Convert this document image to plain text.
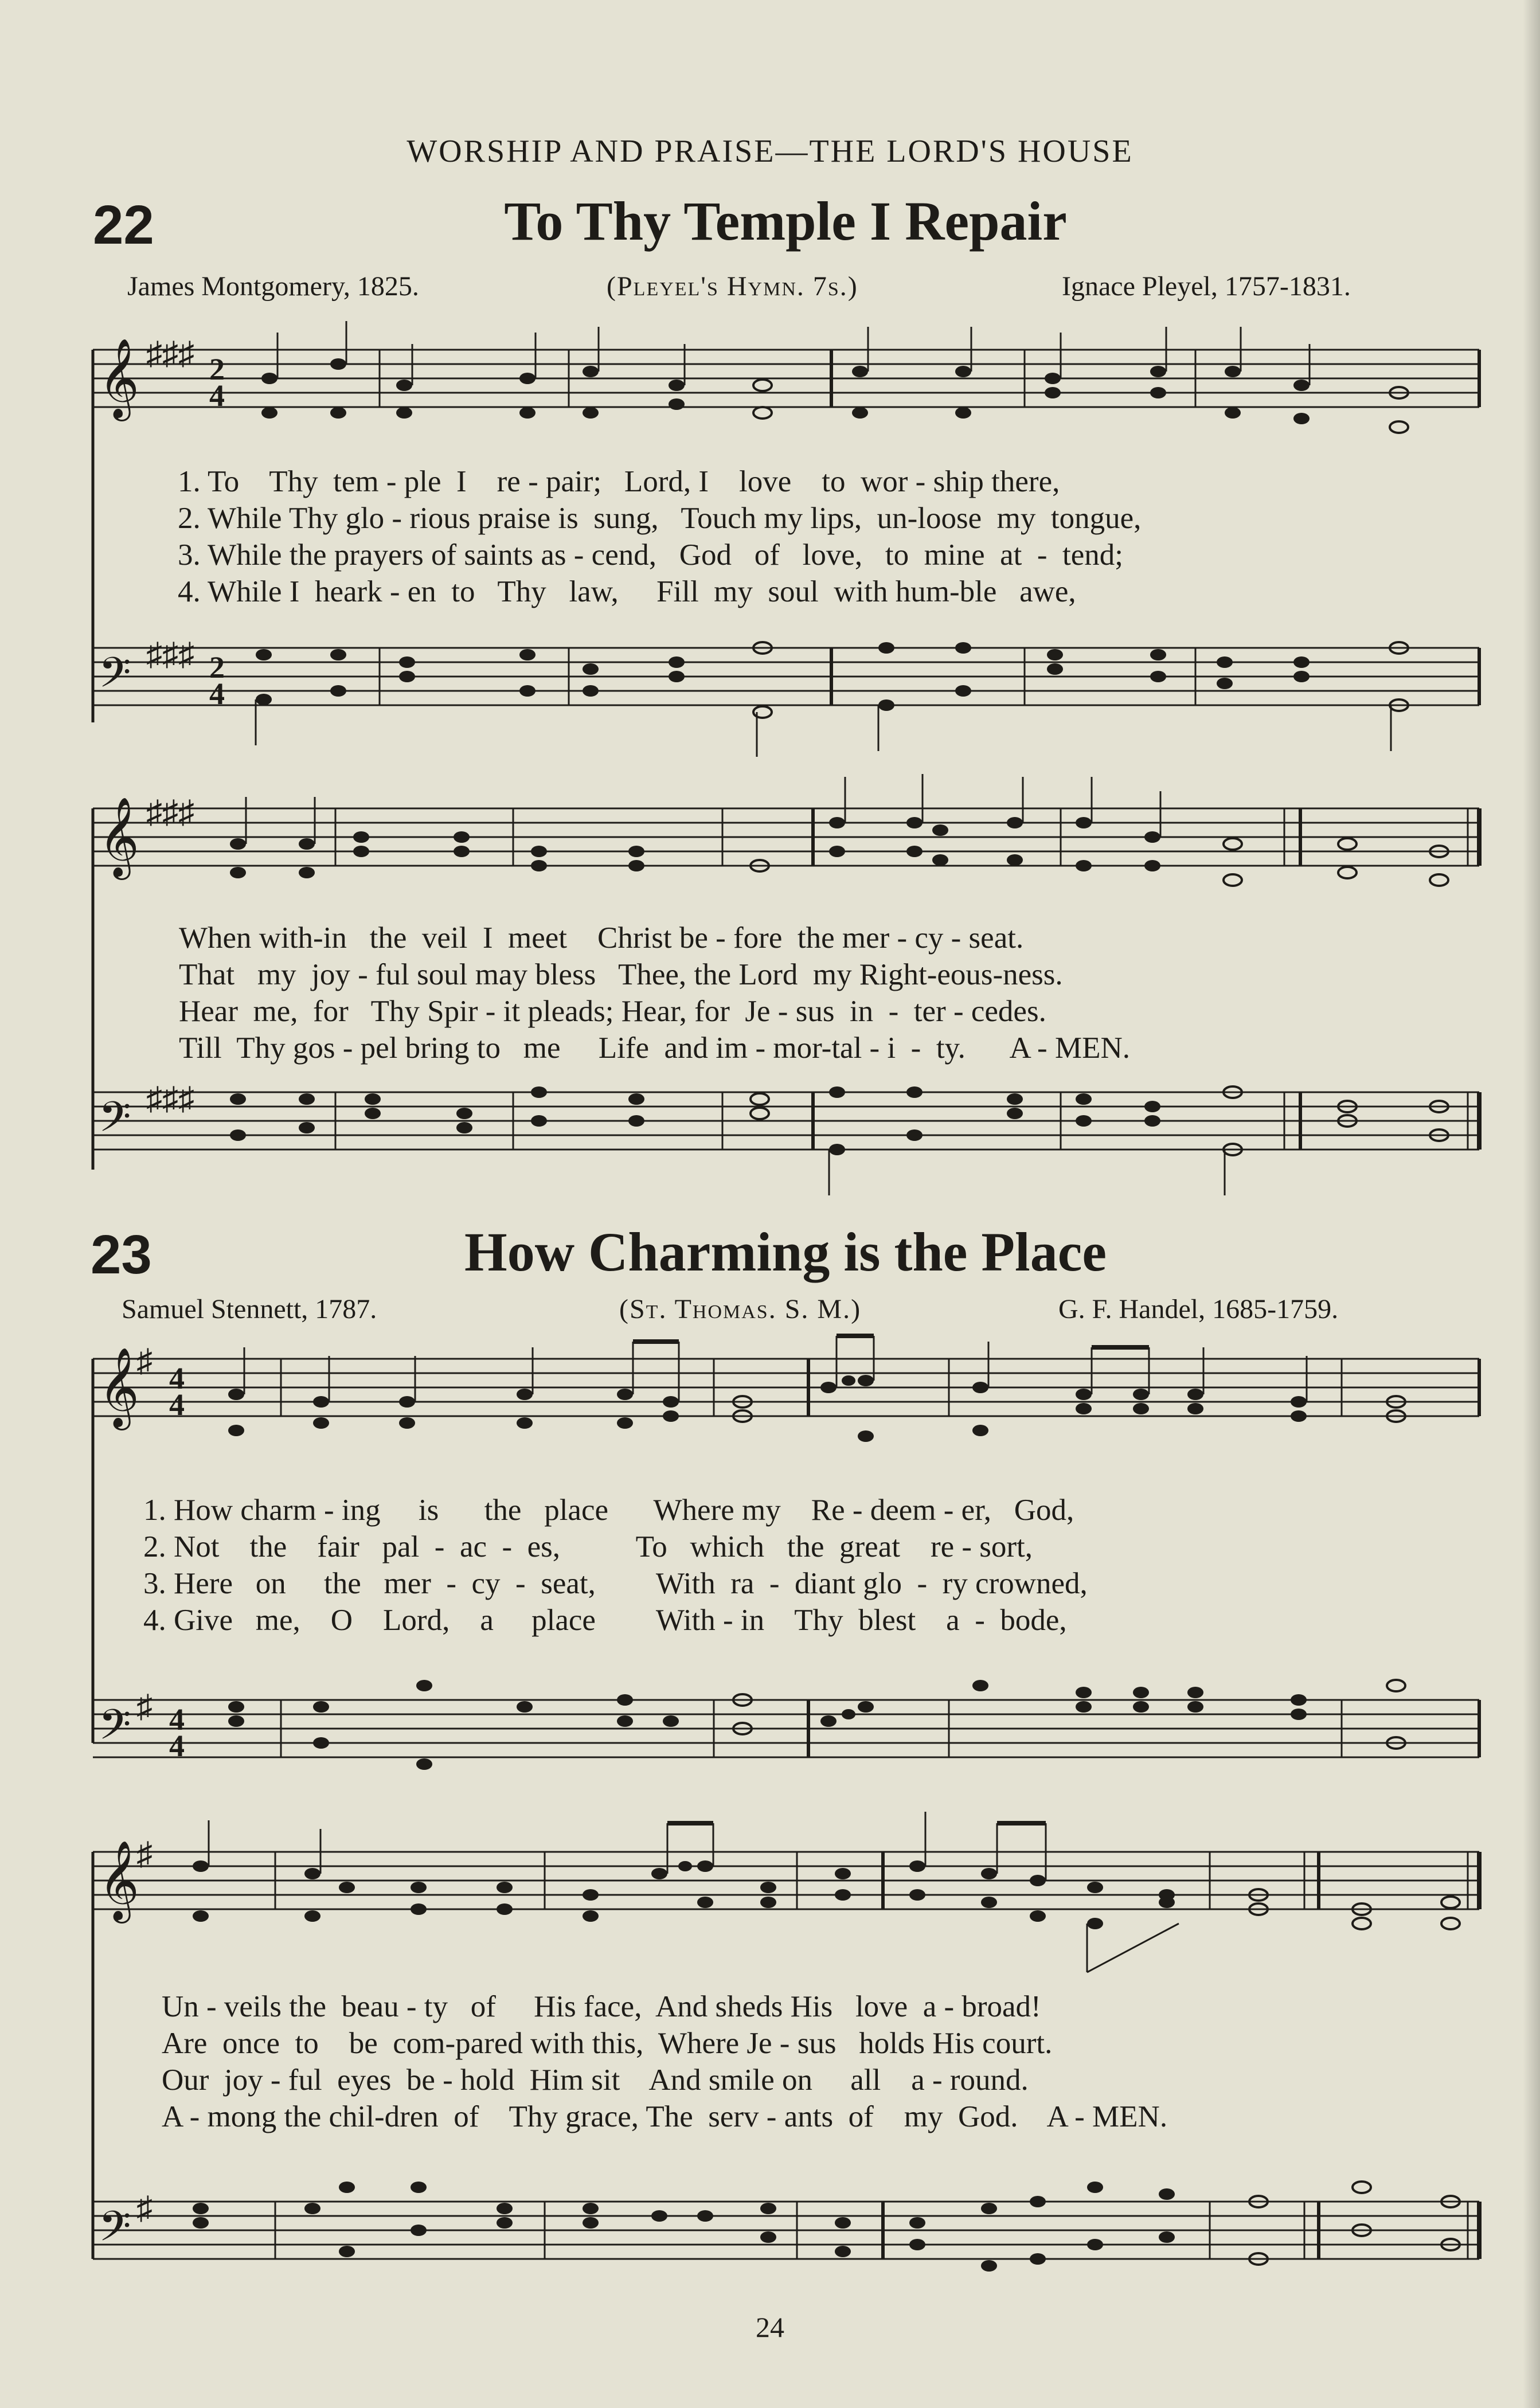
WORSHIP AND PRAISE—THE LORD'S HOUSE
22	To Thy Temple I Repair
James Montgomery, 1825.	(Pleyel's Hymn. 7s.)	Ignace Pleyel, 1757-1831.
𝄞 ♯♯♯ 2
4
𝄢 ♯♯♯ 2
4
1. To    Thy  tem - ple  I    re - pair;   Lord, I    love    to  wor - ship there,
2. While Thy glo - rious praise is  sung,   Touch my lips,  un-loose  my  tongue,
3. While the prayers of saints as - cend,   God   of   love,   to  mine  at  -  tend;
4. While I  heark - en  to   Thy   law,     Fill  my  soul  with hum-ble   awe,
𝄞 ♯♯♯
𝄢 ♯♯♯
When with-in   the  veil  I  meet    Christ be - fore  the mer - cy - seat.
That   my  joy - ful soul may bless   Thee, the Lord  my Right-eous-ness.
Hear  me,  for   Thy Spir - it pleads; Hear, for  Je - sus  in  -  ter - cedes.
Till  Thy gos - pel bring to   me     Life  and im - mor-tal - i  -  ty.      A - MEN.
23	How Charming is the Place
Samuel Stennett, 1787.	(St. Thomas. S. M.)	G. F. Handel, 1685-1759.
𝄞
♯ 4
4
𝄢 ♯ 4
4
1. How charm - ing     is      the   place      Where my    Re - deem - er,   God,
2. Not    the    fair   pal  -  ac  -  es,          To   which   the  great    re - sort,
3. Here   on     the   mer  -  cy  -  seat,        With  ra  -  diant glo  -  ry crowned,
4. Give   me,    O    Lord,    a     place        With - in    Thy  blest    a  -  bode,
𝄞
♯
𝄢 ♯
Un - veils the  beau - ty   of     His face,  And sheds His   love  a - broad!
Are  once  to    be  com-pared with this,  Where Je - sus   holds His court.
Our  joy - ful  eyes  be - hold  Him sit    And smile on     all    a - round.
A - mong the chil-dren  of    Thy grace, The  serv - ants  of    my  God.    A - MEN.
24
